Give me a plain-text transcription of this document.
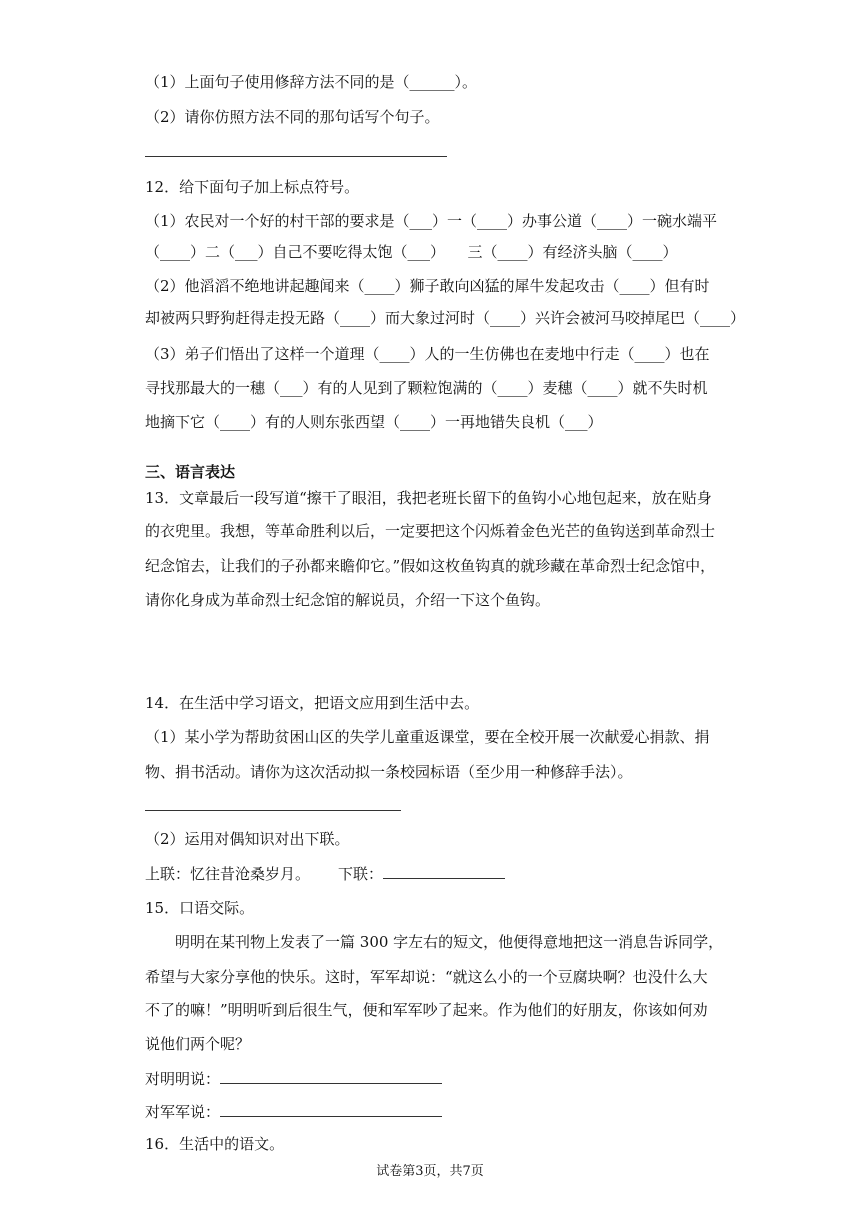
（1）上面句子使用修辞方法不同的是（______）。
（2）请你仿照方法不同的那句话写个句子。
12．给下面句子加上标点符号。
（1）农民对一个好的村干部的要求是（___）一（____）办事公道（____）一碗水端平
（____）二（___）自己不要吃得太饱（___）　　三（____）有经济头脑（____）
（2）他滔滔不绝地讲起趣闻来（____）狮子敢向凶猛的犀牛发起攻击（____）但有时
却被两只野狗赶得走投无路（____）而大象过河时（____）兴许会被河马咬掉尾巴（____）
（3）弟子们悟出了这样一个道理（____）人的一生仿佛也在麦地中行走（____）也在
寻找那最大的一穗（___）有的人见到了颗粒饱满的（____）麦穗（____）就不失时机
地摘下它（____）有的人则东张西望（____）一再地错失良机（___）
三、语言表达
13．文章最后一段写道“擦干了眼泪，我把老班长留下的鱼钩小心地包起来，放在贴身
的衣兜里。我想，等革命胜利以后，一定要把这个闪烁着金色光芒的鱼钩送到革命烈士
纪念馆去，让我们的子孙都来瞻仰它。”假如这枚鱼钩真的就珍藏在革命烈士纪念馆中，
请你化身成为革命烈士纪念馆的解说员，介绍一下这个鱼钩。
14．在生活中学习语文，把语文应用到生活中去。
（1）某小学为帮助贫困山区的失学儿童重返课堂，要在全校开展一次献爱心捐款、捐
物、捐书活动。请你为这次活动拟一条校园标语（至少用一种修辞手法）。
（2）运用对偶知识对出下联。
上联：忆往昔沧桑岁月。 下联：
15．口语交际。
明明在某刊物上发表了一篇 300 字左右的短文，他便得意地把这一消息告诉同学，
希望与大家分享他的快乐。这时，军军却说：“就这么小的一个豆腐块啊？也没什么大
不了的嘛！”明明听到后很生气，便和军军吵了起来。作为他们的好朋友，你该如何劝
说他们两个呢？
对明明说：
对军军说：
16．生活中的语文。
试卷第3页，共7页
